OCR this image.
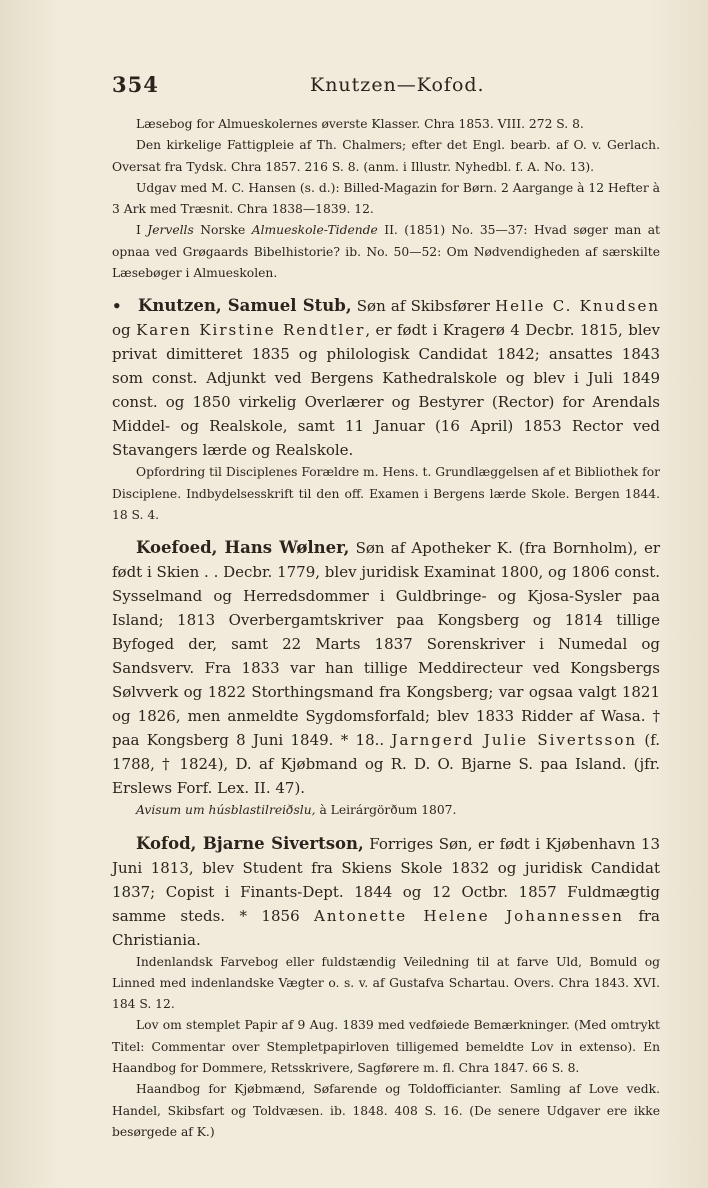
354	Knutzen—Kofod.

Læsebog for Almueskolernes øverste Klasser. Chra 1853. VIII. 272 S. 8.

Den kirkelige Fattigpleie af Th. Chalmers; efter det Engl. bearb. af O. v. Gerlach. Oversat fra Tydsk. Chra 1857. 216 S. 8. (anm. i Illustr. Nyhedbl. f. A. No. 13).

Udgav med M. C. Hansen (s. d.): Billed-Magazin for Børn. 2 Aargange à 12 Hefter à 3 Ark med Træsnit. Chra 1838—1839. 12.

I Jervells Norske Almueskole-Tidende II. (1851) No. 35—37: Hvad søger man at opnaa ved Grøgaards Bibelhistorie? ib. No. 50—52: Om Nødvendigheden af særskilte Læsebøger i Almueskolen.

• Knutzen, Samuel Stub, Søn af Skibsfører Helle C. Knudsen og Karen Kirstine Rendtler, er født i Kragerø 4 Decbr. 1815, blev privat dimitteret 1835 og philologisk Candidat 1842; ansattes 1843 som const. Adjunkt ved Bergens Kathedralskole og blev i Juli 1849 const. og 1850 virkelig Overlærer og Bestyrer (Rector) for Arendals Middel- og Realskole, samt 11 Januar (16 April) 1853 Rector ved Stavangers lærde og Realskole.

Opfordring til Disciplenes Forældre m. Hens. t. Grundlæggelsen af et Bibliothek for Disciplene. Indbydelsesskrift til den off. Examen i Bergens lærde Skole. Bergen 1844. 18 S. 4.

Koefoed, Hans Wølner, Søn af Apotheker K. (fra Bornholm), er født i Skien . . Decbr. 1779, blev juridisk Examinat 1800, og 1806 const. Sysselmand og Herredsdommer i Guldbringe- og Kjosa-Sysler paa Island; 1813 Overbergamtskriver paa Kongsberg og 1814 tillige Byfoged der, samt 22 Marts 1837 Sorenskriver i Numedal og Sandsverv. Fra 1833 var han tillige Meddirecteur ved Kongsbergs Sølvverk og 1822 Storthingsmand fra Kongsberg; var ogsaa valgt 1821 og 1826, men anmeldte Sygdomsforfald; blev 1833 Ridder af Wasa. † paa Kongsberg 8 Juni 1849. * 18.. Jarngerd Julie Sivertsson (f. 1788, † 1824), D. af Kjøbmand og R. D. O. Bjarne S. paa Island. (jfr. Erslews Forf. Lex. II. 47).

Avisum um húsblastilreiðslu, à Leirárgörðum 1807.

Kofod, Bjarne Sivertson, Forriges Søn, er født i Kjøbenhavn 13 Juni 1813, blev Student fra Skiens Skole 1832 og juridisk Candidat 1837; Copist i Finants-Dept. 1844 og 12 Octbr. 1857 Fuldmægtig samme steds. * 1856 Antonette Helene Johannessen fra Christiania.

Indenlandsk Farvebog eller fuldstændig Veiledning til at farve Uld, Bomuld og Linned med indenlandske Vægter o. s. v. af Gustafva Schartau. Overs. Chra 1843. XVI. 184 S. 12.

Lov om stemplet Papir af 9 Aug. 1839 med vedføiede Bemærkninger. (Med omtrykt Titel: Commentar over Stempletpapirloven tilligemed bemeldte Lov in extenso). En Haandbog for Dommere, Retsskrivere, Sagførere m. fl. Chra 1847. 66 S. 8.

Haandbog for Kjøbmænd, Søfarende og Toldofficianter. Samling af Love vedk. Handel, Skibsfart og Toldvæsen. ib. 1848. 408 S. 16. (De senere Udgaver ere ikke besørgede af K.)
